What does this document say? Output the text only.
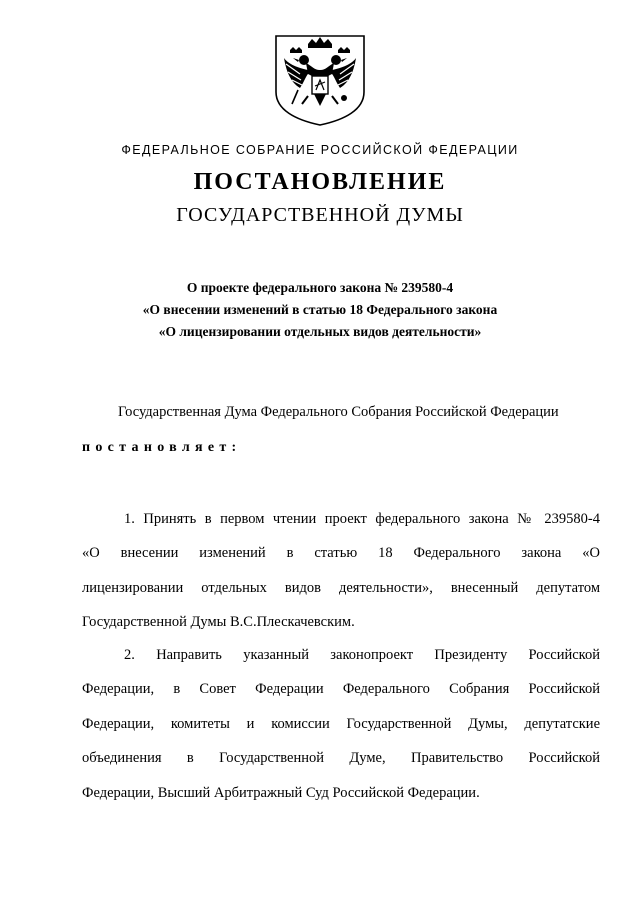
ФЕДЕРАЛЬНОЕ СОБРАНИЕ РОССИЙСКОЙ ФЕДЕРАЦИИ
ПОСТАНОВЛЕНИЕ
ГОСУДАРСТВЕННОЙ ДУМЫ
О проекте федерального закона № 239580-4
«О внесении изменений в статью 18 Федерального закона
«О лицензировании отдельных видов деятельности»
Государственная Дума Федерального Собрания Российской Федерации
постановляет:
1. Принять в первом чтении проект федерального закона № 239580-4
«О внесении изменений в статью 18 Федерального закона «О
лицензировании отдельных видов деятельности», внесенный депутатом
Государственной Думы В.С.Плескачевским.
2. Направить указанный законопроект Президенту Российской
Федерации, в Совет Федерации Федерального Собрания Российской
Федерации, комитеты и комиссии Государственной Думы, депутатские
объединения в Государственной Думе, Правительство Российской
Федерации, Высший Арбитражный Суд Российской Федерации.
